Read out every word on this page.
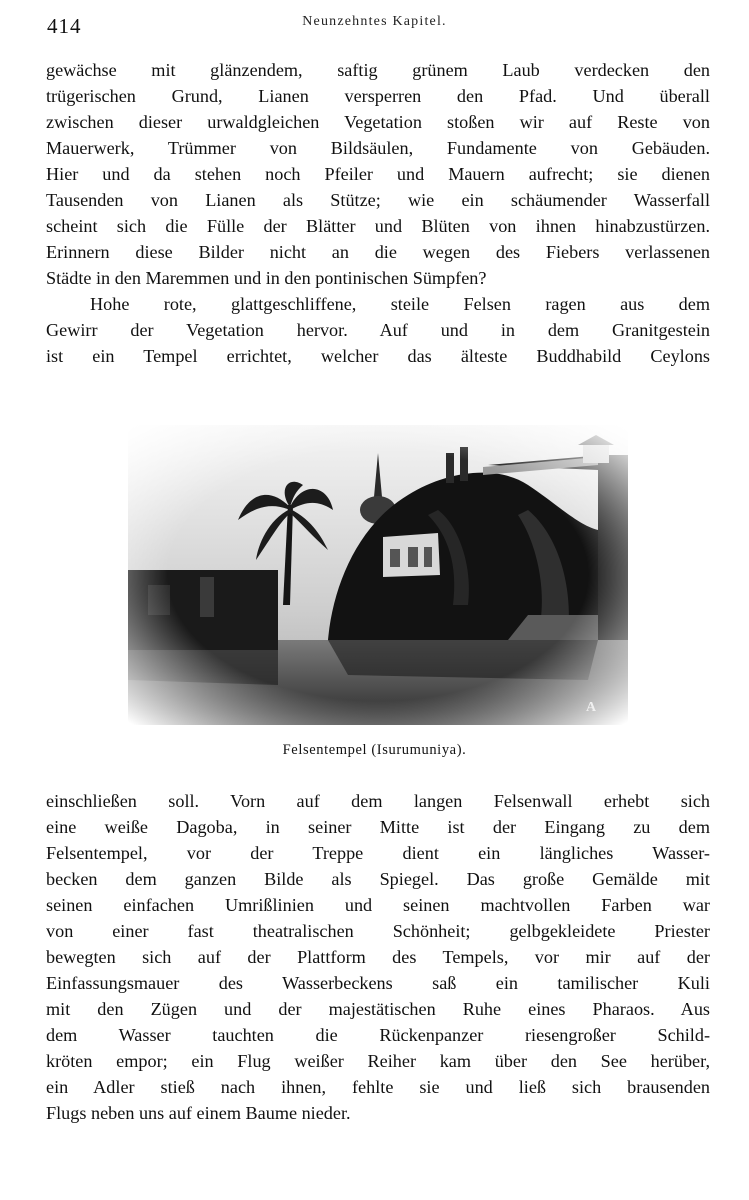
414	Neunzehntes Kapitel.
gewächse mit glänzendem, saftig grünem Laub verdecken den
trügerischen Grund, Lianen versperren den Pfad. Und überall
zwischen dieser urwaldgleichen Vegetation stoßen wir auf Reste von
Mauerwerk, Trümmer von Bildsäulen, Fundamente von Gebäuden.
Hier und da stehen noch Pfeiler und Mauern aufrecht; sie dienen
Tausenden von Lianen als Stütze; wie ein schäumender Wasserfall
scheint sich die Fülle der Blätter und Blüten von ihnen hinabzustürzen.
Erinnern diese Bilder nicht an die wegen des Fiebers verlassenen
Städte in den Maremmen und in den pontinischen Sümpfen?
Hohe rote, glattgeschliffene, steile Felsen ragen aus dem
Gewirr der Vegetation hervor. Auf und in dem Granitgestein
ist ein Tempel errichtet, welcher das älteste Buddhabild Ceylons
A
Felsentempel (Isurumuniya).
einschließen soll. Vorn auf dem langen Felsenwall erhebt sich
eine weiße Dagoba, in seiner Mitte ist der Eingang zu dem
Felsentempel, vor der Treppe dient ein längliches Wasser-
becken dem ganzen Bilde als Spiegel. Das große Gemälde mit
seinen einfachen Umrißlinien und seinen machtvollen Farben war
von einer fast theatralischen Schönheit; gelbgekleidete Priester
bewegten sich auf der Plattform des Tempels, vor mir auf der
Einfassungsmauer des Wasserbeckens saß ein tamilischer Kuli
mit den Zügen und der majestätischen Ruhe eines Pharaos. Aus
dem Wasser tauchten die Rückenpanzer riesengroßer Schild-
kröten empor; ein Flug weißer Reiher kam über den See herüber,
ein Adler stieß nach ihnen, fehlte sie und ließ sich brausenden
Flugs neben uns auf einem Baume nieder.
